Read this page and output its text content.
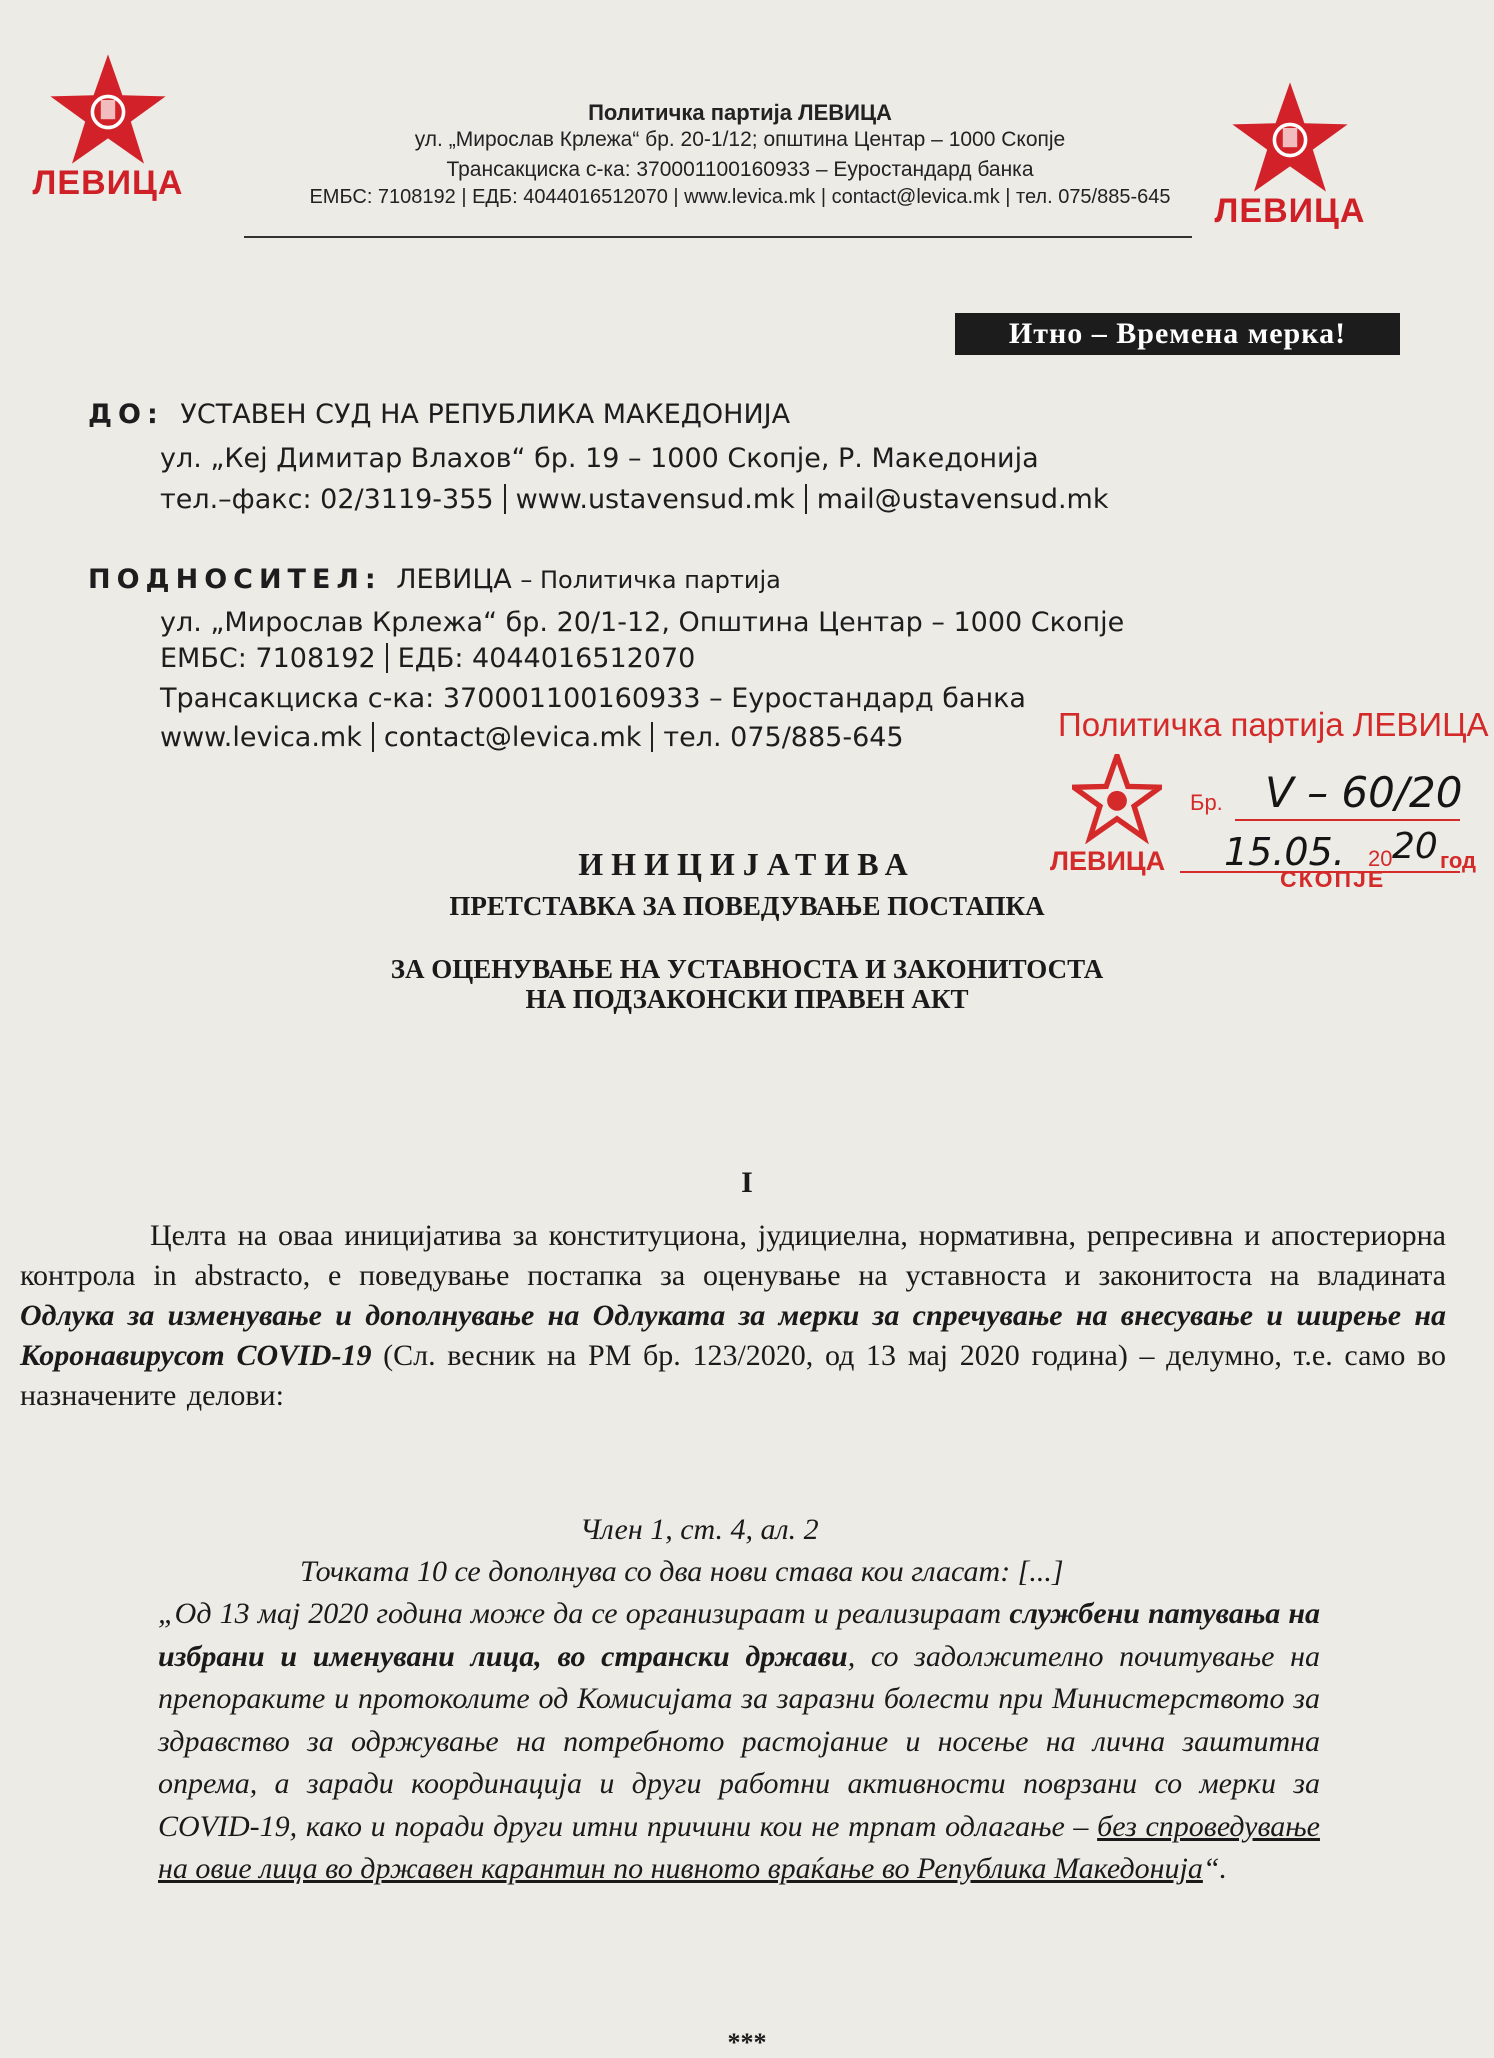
ЛЕВИЦА
ЛЕВИЦА
Политичка партија ЛЕВИЦА
ул. „Мирослав Крлежа“ бр. 20-1/12; општина Центар – 1000 Скопје
Трансакциска с-ка: 370001100160933 – Еуростандард банка
ЕМБС: 7108192 | ЕДБ: 4044016512070 | www.levica.mk | contact@levica.mk | тел. 075/885-645
Итно – Времена мерка!
ДО: УСТАВЕН СУД НА РЕПУБЛИКА МАКЕДОНИЈА
ул. „Кеј Димитар Влахов“ бр. 19 – 1000 Скопје, Р. Македонија
тел.–факс: 02/3119-355 www.ustavensud.mk mail@ustavensud.mk
ПОДНОСИТЕЛ: ЛЕВИЦА – Политичка партија
ул. „Мирослав Крлежа“ бр. 20/1-12, Општина Центар – 1000 Скопје
ЕМБС: 7108192 ЕДБ: 4044016512070
Трансакциска с-ка: 370001100160933 – Еуростандард банка
www.levica.mk contact@levica.mk тел. 075/885-645	Политичка партија ЛЕВИЦА
Бр. V – 60/20
15.05. 20 20 год
ЛЕВИЦА
СКОПЈЕ
ИНИЦИЈАТИВА
ПРЕТСТАВКА ЗА ПОВЕДУВАЊЕ ПОСТАПКА
ЗА ОЦЕНУВАЊЕ НА УСТАВНОСТА И ЗАКОНИТОСТА
НА ПОДЗАКОНСКИ ПРАВЕН АКТ
I
Целта на оваа иницијатива за конституциона, јудициелна, нормативна, репресивна и апостериорна контрола in abstracto, е поведување постапка за оценување на уставноста и законитоста на владината Одлука за изменување и дополнување на Одлуката за мерки за спречување на внесување и ширење на Коронавирусот COVID-19 (Сл. весник на РМ бр. 123/2020, од 13 мај 2020 година) – делумно, т.е. само во назначените делови:
Член 1, ст. 4, ал. 2
Точката 10 се дополнува со два нови става кои гласат: [...]
„Од 13 мај 2020 година може да се организираат и реализираат службени патувања на избрани и именувани лица, во странски држави, со задолжително почитување на препораките и протоколите од Комисијата за заразни болести при Министерството за здравство за одржување на потребното растојание и носење на лична заштитна опрема, а заради координација и други работни активности поврзани со мерки за COVID-19, како и поради други итни причини кои не трпат одлагање – без спроведување на овие лица во државен карантин по нивното враќање во Република Македонија“.
***
